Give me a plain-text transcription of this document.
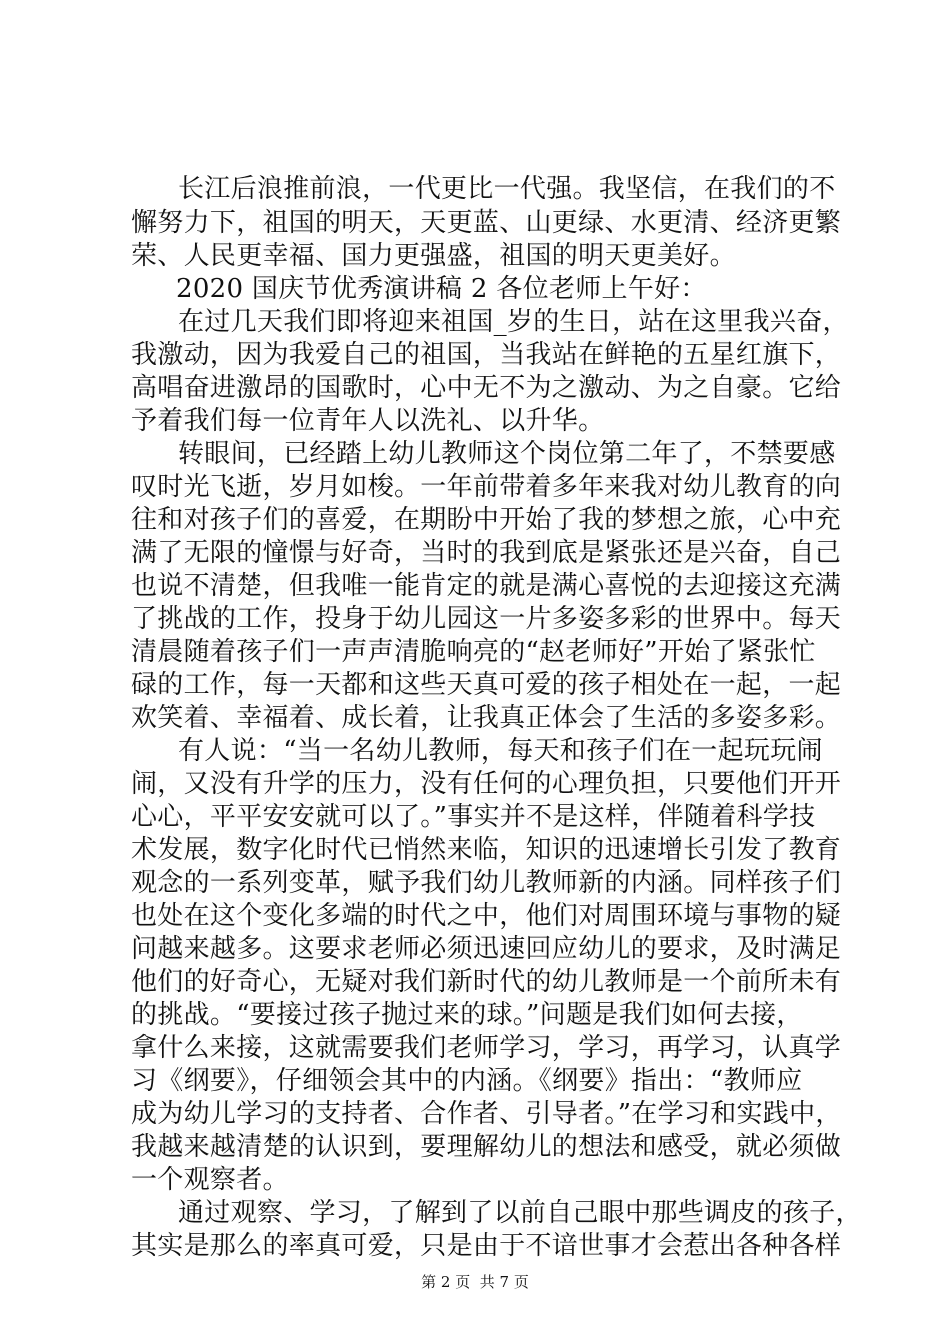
长江后浪推前浪，一代更比一代强。我坚信，在我们的不
懈努力下，祖国的明天，天更蓝、山更绿、水更清、经济更繁
荣、人民更幸福、国力更强盛，祖国的明天更美好。
2020 国庆节优秀演讲稿 2 各位老师上午好：
在过几天我们即将迎来祖国_岁的生日，站在这里我兴奋，
我激动，因为我爱自己的祖国，当我站在鲜艳的五星红旗下，
高唱奋进激昂的国歌时，心中无不为之激动、为之自豪。它给
予着我们每一位青年人以洗礼、以升华。
转眼间，已经踏上幼儿教师这个岗位第二年了，不禁要感
叹时光飞逝，岁月如梭。一年前带着多年来我对幼儿教育的向
往和对孩子们的喜爱，在期盼中开始了我的梦想之旅，心中充
满了无限的憧憬与好奇，当时的我到底是紧张还是兴奋，自己
也说不清楚，但我唯一能肯定的就是满心喜悦的去迎接这充满
了挑战的工作，投身于幼儿园这一片多姿多彩的世界中。每天
清晨随着孩子们一声声清脆响亮的“赵老师好”开始了紧张忙
碌的工作，每一天都和这些天真可爱的孩子相处在一起，一起
欢笑着、幸福着、成长着，让我真正体会了生活的多姿多彩。
有人说：“当一名幼儿教师，每天和孩子们在一起玩玩闹
闹，又没有升学的压力，没有任何的心理负担，只要他们开开
心心，平平安安就可以了。”事实并不是这样，伴随着科学技
术发展，数字化时代已悄然来临，知识的迅速增长引发了教育
观念的一系列变革，赋予我们幼儿教师新的内涵。同样孩子们
也处在这个变化多端的时代之中，他们对周围环境与事物的疑
问越来越多。这要求老师必须迅速回应幼儿的要求，及时满足
他们的好奇心，无疑对我们新时代的幼儿教师是一个前所未有
的挑战。“要接过孩子抛过来的球。”问题是我们如何去接，
拿什么来接，这就需要我们老师学习，学习，再学习，认真学
习《纲要》，仔细领会其中的内涵。《纲要》指出：“教师应
成为幼儿学习的支持者、合作者、引导者。”在学习和实践中，
我越来越清楚的认识到，要理解幼儿的想法和感受，就必须做
一个观察者。
通过观察、学习，了解到了以前自己眼中那些调皮的孩子，
其实是那么的率真可爱，只是由于不谙世事才会惹出各种各样
第 2 页  共 7 页
